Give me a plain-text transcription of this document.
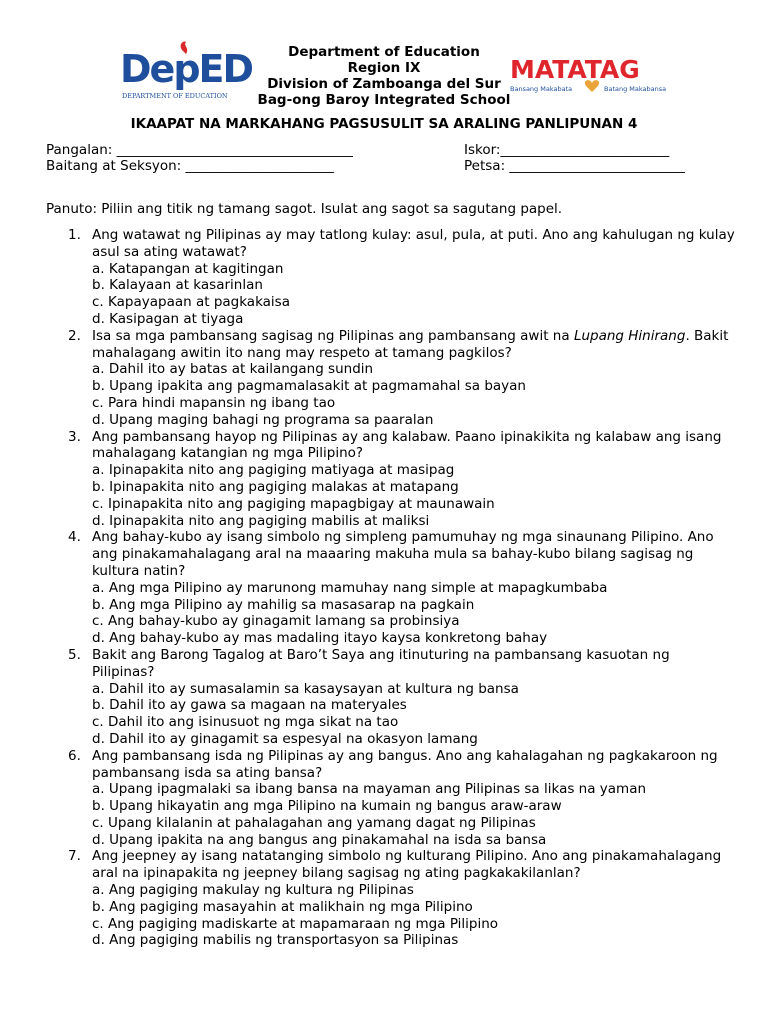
DepED
DEPARTMENT OF EDUCATION
Department of Education
Region IX
Division of Zamboanga del Sur
Bag-ong Baroy Integrated School
MATATAG
Bansang Makabata	Batang Makabansa
IKAAPAT NA MARKAHANG PAGSUSULIT SA ARALING PANLIPUNAN 4
Pangalan: ___________________________________
Baitang at Seksyon: ______________________
Iskor:_________________________
Petsa: __________________________
Panuto: Piliin ang titik ng tamang sagot. Isulat ang sagot sa sagutang papel.
1. Ang watawat ng Pilipinas ay may tatlong kulay: asul, pula, at puti. Ano ang kahulugan ng kulay asul sa ating watawat?
a. Katapangan at kagitingan
b. Kalayaan at kasarinlan
c. Kapayapaan at pagkakaisa
d. Kasipagan at tiyaga
2. Isa sa mga pambansang sagisag ng Pilipinas ang pambansang awit na Lupang Hinirang. Bakit mahalagang awitin ito nang may respeto at tamang pagkilos?
a. Dahil ito ay batas at kailangang sundin
b. Upang ipakita ang pagmamalasakit at pagmamahal sa bayan
c. Para hindi mapansin ng ibang tao
d. Upang maging bahagi ng programa sa paaralan
3. Ang pambansang hayop ng Pilipinas ay ang kalabaw. Paano ipinakikita ng kalabaw ang isang mahalagang katangian ng mga Pilipino?
a. Ipinapakita nito ang pagiging matiyaga at masipag
b. Ipinapakita nito ang pagiging malakas at matapang
c. Ipinapakita nito ang pagiging mapagbigay at maunawain
d. Ipinapakita nito ang pagiging mabilis at maliksi
4. Ang bahay-kubo ay isang simbolo ng simpleng pamumuhay ng mga sinaunang Pilipino. Ano ang pinakamahalagang aral na maaaring makuha mula sa bahay-kubo bilang sagisag ng kultura natin?
a. Ang mga Pilipino ay marunong mamuhay nang simple at mapagkumbaba
b. Ang mga Pilipino ay mahilig sa masasarap na pagkain
c. Ang bahay-kubo ay ginagamit lamang sa probinsiya
d. Ang bahay-kubo ay mas madaling itayo kaysa konkretong bahay
5. Bakit ang Barong Tagalog at Baro’t Saya ang itinuturing na pambansang kasuotan ng Pilipinas?
a. Dahil ito ay sumasalamin sa kasaysayan at kultura ng bansa
b. Dahil ito ay gawa sa magaan na materyales
c. Dahil ito ang isinusuot ng mga sikat na tao
d. Dahil ito ay ginagamit sa espesyal na okasyon lamang
6. Ang pambansang isda ng Pilipinas ay ang bangus. Ano ang kahalagahan ng pagkakaroon ng pambansang isda sa ating bansa?
a. Upang ipagmalaki sa ibang bansa na mayaman ang Pilipinas sa likas na yaman
b. Upang hikayatin ang mga Pilipino na kumain ng bangus araw-araw
c. Upang kilalanin at pahalagahan ang yamang dagat ng Pilipinas
d. Upang ipakita na ang bangus ang pinakamahal na isda sa bansa
7. Ang jeepney ay isang natatanging simbolo ng kulturang Pilipino. Ano ang pinakamahalagang aral na ipinapakita ng jeepney bilang sagisag ng ating pagkakakilanlan?
a. Ang pagiging makulay ng kultura ng Pilipinas
b. Ang pagiging masayahin at malikhain ng mga Pilipino
c. Ang pagiging madiskarte at mapamaraan ng mga Pilipino
d. Ang pagiging mabilis ng transportasyon sa Pilipinas
